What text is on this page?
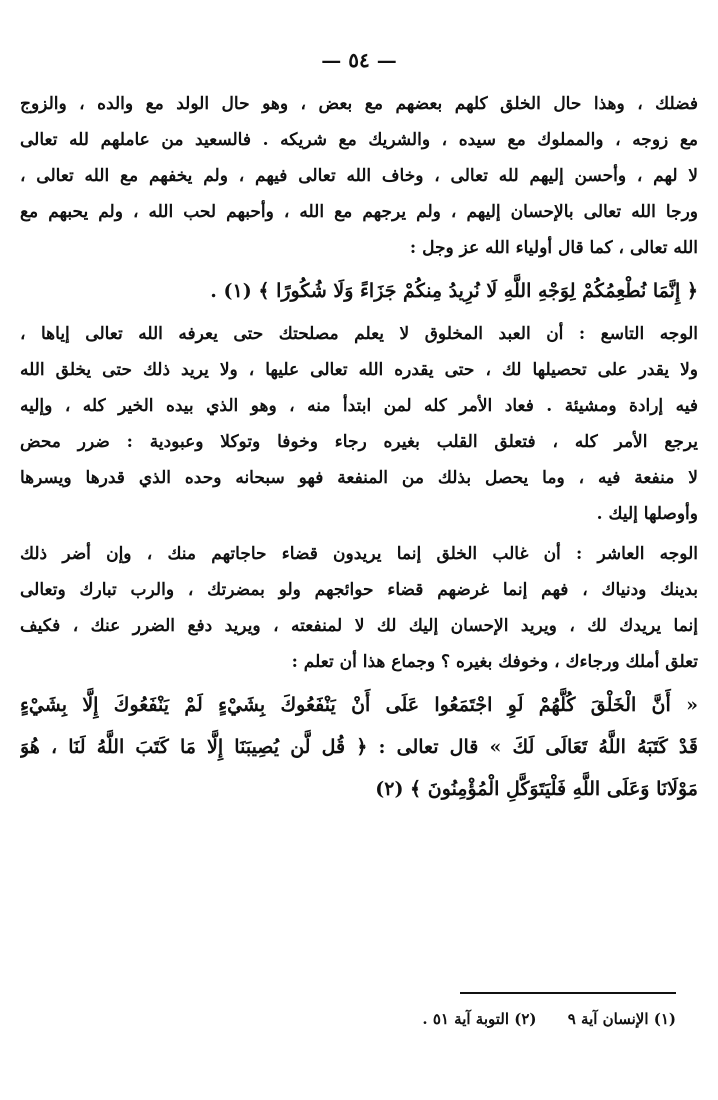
— ٥٤ —
فضلك ، وهذا حال الخلق كلهم بعضهم مع بعض ، وهو حال الولد مع والده ، والزوج
مع زوجه ، والمملوك مع سيده ، والشريك مع شريكه . فالسعيد من عاملهم لله تعالى
لا لهم ، وأحسن إليهم لله تعالى ، وخاف الله تعالى فيهم ، ولم يخفهم مع الله تعالى ،
ورجا الله تعالى بالإحسان إليهم ، ولم يرجهم مع الله ، وأحبهم لحب الله ، ولم يحبهم مع
الله تعالى ، كما قال أولياء الله عز وجل :
﴿ إِنَّمَا نُطْعِمُكُمْ لِوَجْهِ اللَّهِ لَا نُرِيدُ مِنكُمْ جَزَاءً وَلَا شُكُورًا ﴾ (١) .
الوجه التاسع : أن العبد المخلوق لا يعلم مصلحتك حتى يعرفه الله تعالى إياها ،
ولا يقدر على تحصيلها لك ، حتى يقدره الله تعالى عليها ، ولا يريد ذلك حتى يخلق الله
فيه إرادة ومشيئة . فعاد الأمر كله لمن ابتدأ منه ، وهو الذي بيده الخير كله ، وإليه
يرجع الأمر كله ، فتعلق القلب بغيره رجاء وخوفا وتوكلا وعبودية : ضرر محض
لا منفعة فيه ، وما يحصل بذلك من المنفعة فهو سبحانه وحده الذي قدرها ويسرها
وأوصلها إليك .
الوجه العاشر : أن غالب الخلق إنما يريدون قضاء حاجاتهم منك ، وإن أضر ذلك
بدينك ودنياك ، فهم إنما غرضهم قضاء حوائجهم ولو بمضرتك ، والرب تبارك وتعالى
إنما يريدك لك ، ويريد الإحسان إليك لك لا لمنفعته ، ويريد دفع الضرر عنك ، فكيف
تعلق أملك ورجاءك ، وخوفك بغيره ؟ وجماع هذا أن تعلم :
« أَنَّ الْخَلْقَ كُلَّهُمْ لَوِ اجْتَمَعُوا عَلَى أَنْ يَنْفَعُوكَ بِشَيْءٍ لَمْ يَنْفَعُوكَ إِلَّا بِشَيْءٍ
قَدْ كَتَبَهُ اللَّهُ تَعَالَى لَكَ » قال تعالى : ﴿ قُل لَّن يُصِيبَنَا إِلَّا مَا كَتَبَ اللَّهُ لَنَا ، هُوَ
مَوْلَانَا وَعَلَى اللَّهِ فَلْيَتَوَكَّلِ الْمُؤْمِنُونَ ﴾ (٢)
(١) الإنسان آية ٩ (٢) التوبة آية ٥١ .
